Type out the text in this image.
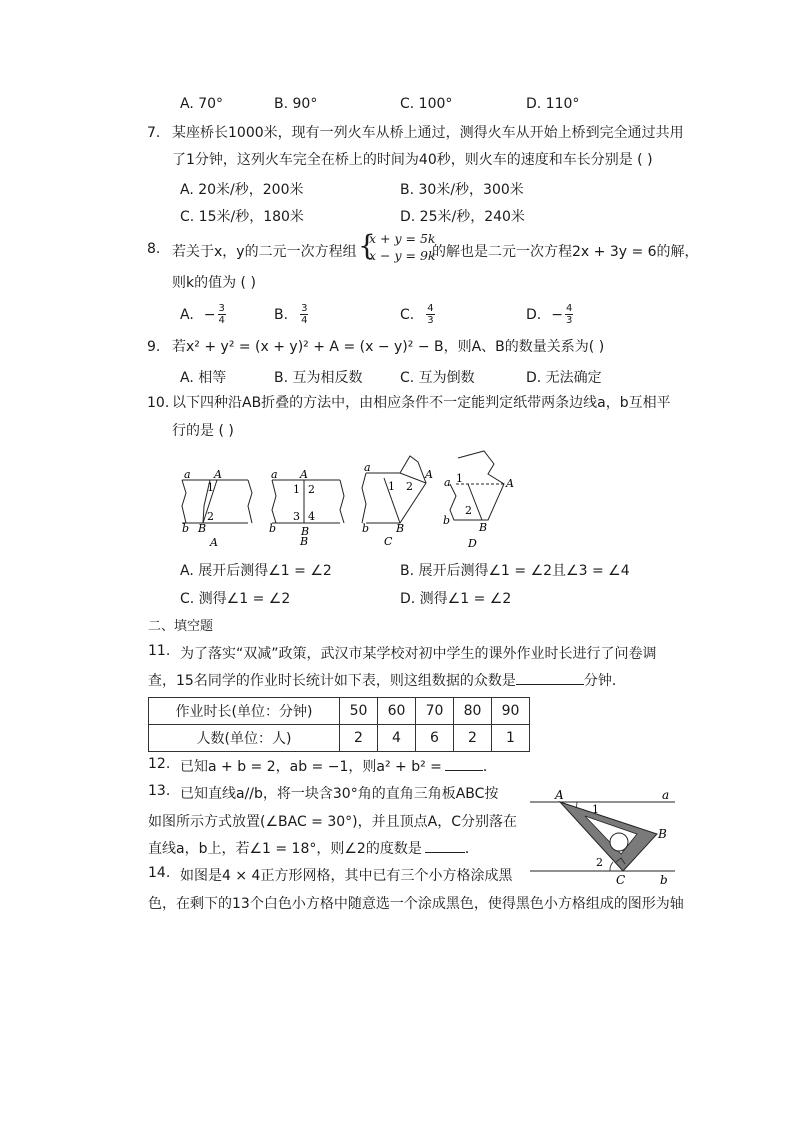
A. 70°	B. 90°	C. 100°	D. 110°
7. 某座桥长1000米，现有一列火车从桥上通过，测得火车从开始上桥到完全通过共用
了1分钟，这列火车完全在桥上的时间为40秒，则火车的速度和车长分别是 ( )
A. 20米/秒，200米	B. 30米/秒，300米
C. 15米/秒，180米	D. 25米/秒，240米
8. 若关于x，y的二元一次方程组 {
x + y = 5k
x − y = 9k
的解也是二元一次方程2x + 3y = 6的解，
则k的值为 ( )
A. − $\frac{3}{4}$	B. 3
4	C. 4
3	D. − $\frac{4}{3}$
9. 若x² + y² = (x + y)² + A = (x − y)² − B，则A、B的数量关系为( )
A. 相等	B. 互为相反数	C. 互为倒数	D. 无法确定
10. 以下四种沿AB折叠的方法中，由相应条件不一定能判定纸带两条边线a，b互相平
行的是 ( )
a
b
A
B
1
2
A
a
b
A
B
1 2
3 4
B
a
b
A
B
1 2
C
a
b
A
B
1
2
D
A. 展开后测得∠1 = ∠2	B. 展开后测得∠1 = ∠2且∠3 = ∠4
C. 测得∠1 = ∠2	D. 测得∠1 = ∠2
二、填空题
11. 为了落实“双减”政策，武汉市某学校对初中学生的课外作业时长进行了问卷调
查，15名同学的作业时长统计如下表，则这组数据的众数是	分钟．
作业时长(单位：分钟)	50	60	70	80	90
人数(单位：人)	2	4	6	2	1
12. 已知a + b = 2，ab = −1，则a² + b² =	．
13. 已知直线a//b，将一块含30°角的直角三角板ABC按
如图所示方式放置(∠BAC = 30°)，并且顶点A，C分别落在
直线a，b上，若∠1 = 18°，则∠2的度数是	．
A	a
1
B
2
C	b
14. 如图是4 × 4正方形网格，其中已有三个小方格涂成黑
色，在剩下的13个白色小方格中随意选一个涂成黑色，使得黑色小方格组成的图形为轴
